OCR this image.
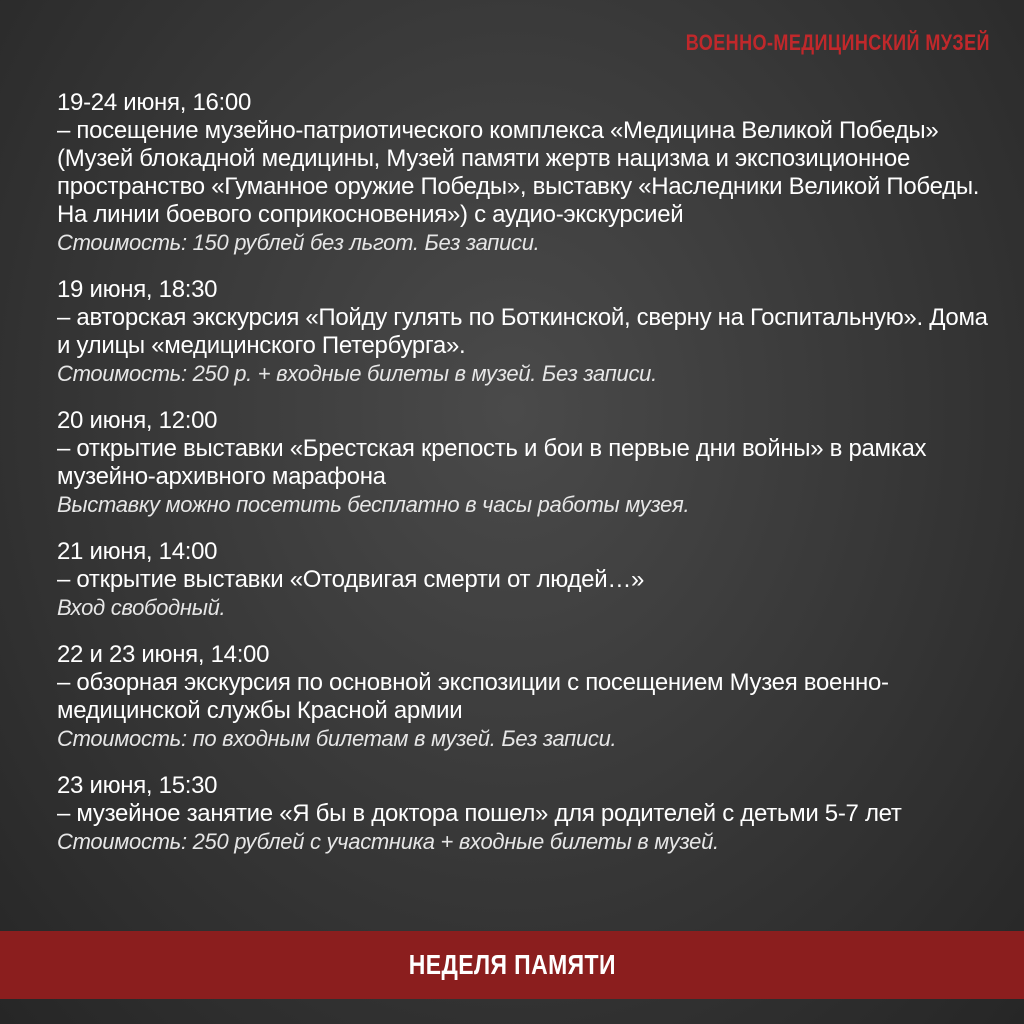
ВОЕННО-МЕДИЦИНСКИЙ МУЗЕЙ
19-24 июня, 16:00
– посещение музейно-патриотического комплекса «Медицина Великой Победы» (Музей блокадной медицины, Музей памяти жертв нацизма и экспозиционное пространство «Гуманное оружие Победы», выставку «Наследники Великой Победы. На линии боевого соприкосновения») с аудио-экскурсией
Стоимость: 150 рублей без льгот. Без записи.
19 июня, 18:30
– авторская экскурсия «Пойду гулять по Боткинской, сверну на Госпитальную». Дома и улицы «медицинского Петербурга».
Стоимость: 250 р. + входные билеты в музей. Без записи.
20 июня, 12:00
– открытие выставки «Брестская крепость и бои в первые дни войны» в рамках музейно-архивного марафона
Выставку можно посетить бесплатно в часы работы музея.
21 июня, 14:00
– открытие выставки «Отодвигая смерти от людей…»
Вход свободный.
22 и 23 июня, 14:00
– обзорная экскурсия по основной экспозиции с посещением Музея военно-медицинской службы Красной армии
Стоимость: по входным билетам в музей. Без записи.
23 июня, 15:30
– музейное занятие «Я бы в доктора пошел» для родителей с детьми 5-7 лет
Стоимость: 250 рублей с участника + входные билеты в музей.
НЕДЕЛЯ ПАМЯТИ
